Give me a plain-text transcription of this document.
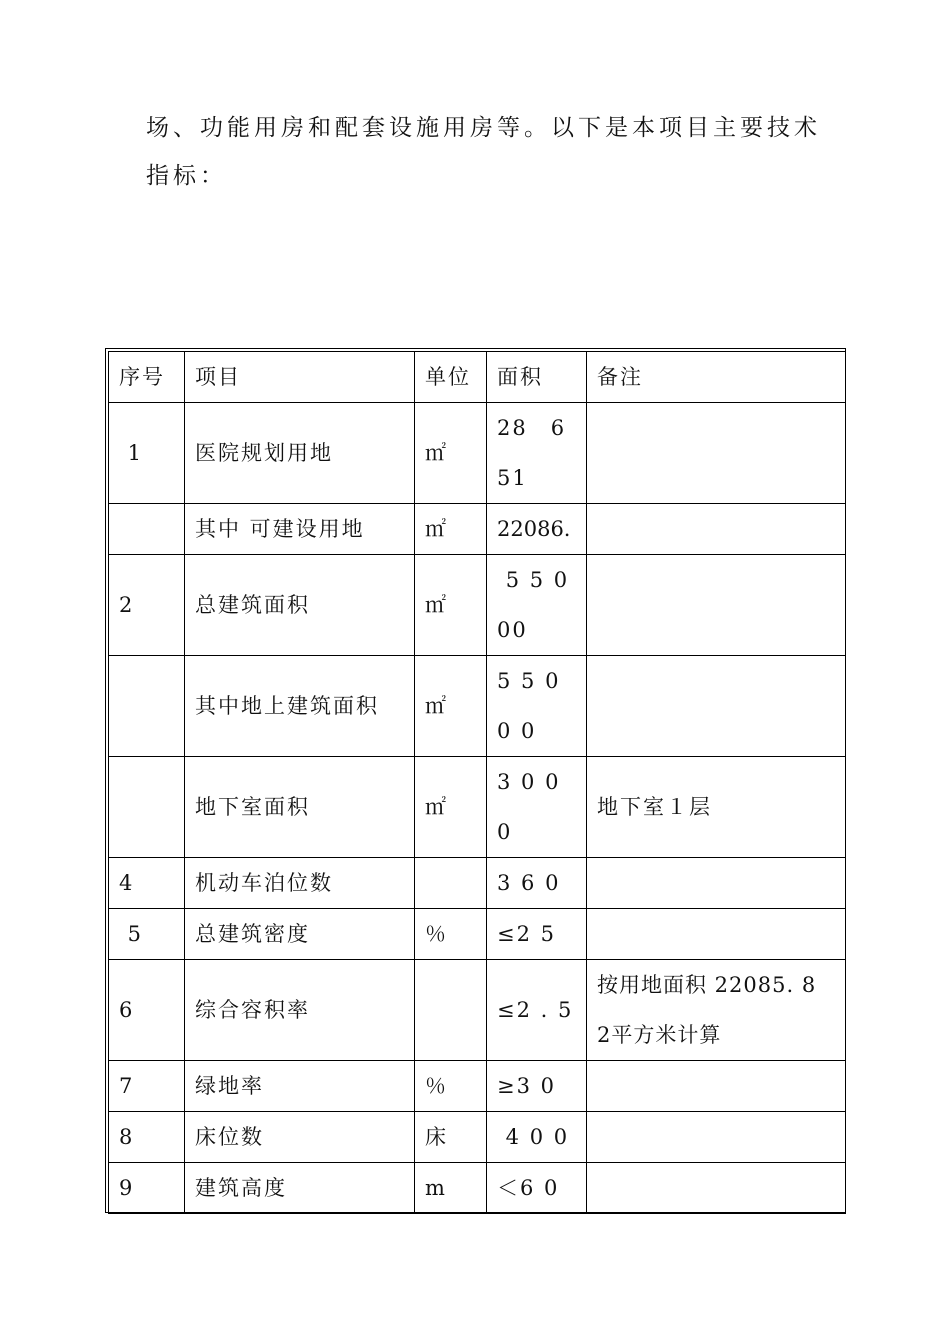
场、功能用房和配套设施用房等。以下是本项目主要技术
指标：
序号	项目	单位	面积	备注
1	医院规划用地	㎡	28　6 51	
	其中 可建设用地	㎡	22086.	
2	总建筑面积	㎡	5 5 0 00	
	其中地上建筑面积	㎡	5 5 0 0 0	
	地下室面积	㎡	3 0 0 0	地下室１层
4	机动车泊位数		3 6 0	
5	总建筑密度	％	≤2 5	
6	综合容积率		≤2 . 5	按用地面积 22085. 8 2平方米计算
7	绿地率	％	≥3 0	
8	床位数	床	4 0 0	
9	建筑高度	m	＜6 0	
